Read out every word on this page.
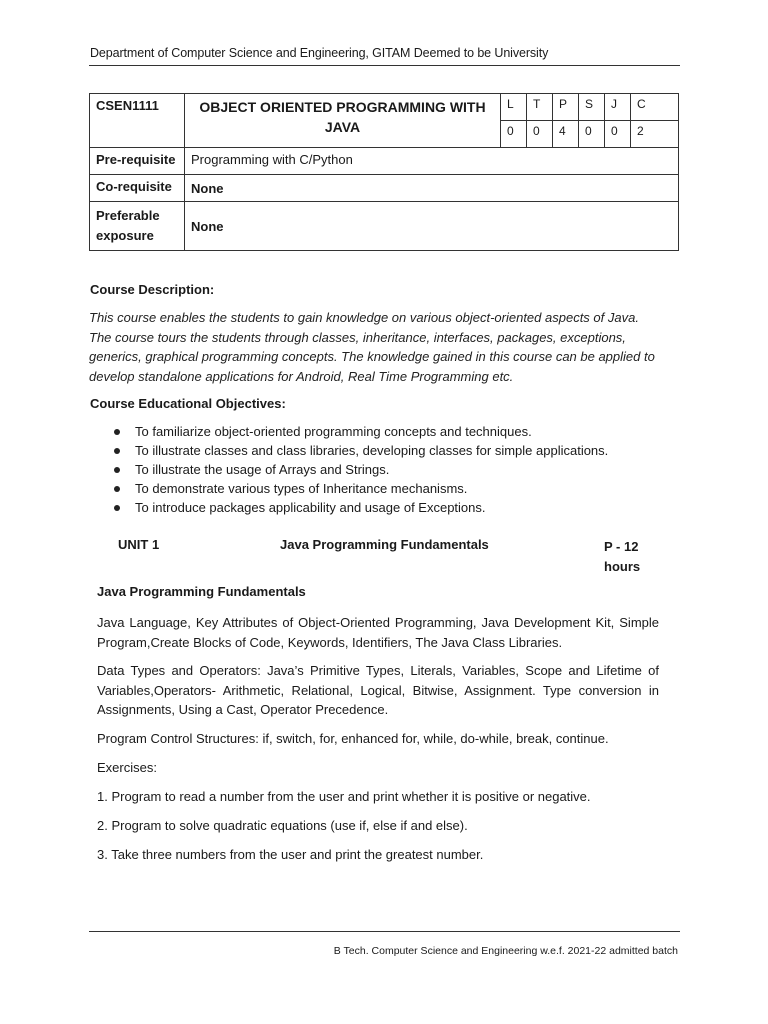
Department of Computer Science and Engineering, GITAM Deemed to be University
CSEN1111	OBJECT ORIENTED PROGRAMMING WITH JAVA	L	T	P	S	J	C
		0	0	4	0	0	2
Pre-requisite	Programming with C/Python						
Co-requisite	None						
Preferable exposure	None						
Course Description:
This course enables the students to gain knowledge on various object-oriented aspects of Java. The course tours the students through classes, inheritance, interfaces, packages, exceptions, generics, graphical programming concepts. The knowledge gained in this course can be applied to develop standalone applications for Android, Real Time Programming etc.
Course Educational Objectives:
To familiarize object-oriented programming concepts and techniques.
To illustrate classes and class libraries, developing classes for simple applications.
To illustrate the usage of Arrays and Strings.
To demonstrate various types of Inheritance mechanisms.
To introduce packages applicability and usage of Exceptions.
UNIT 1	Java Programming Fundamentals	P - 12 hours
Java Programming Fundamentals
Java Language, Key Attributes of Object-Oriented Programming, Java Development Kit, Simple Program,Create Blocks of Code, Keywords, Identifiers, The Java Class Libraries.
Data Types and Operators: Java’s Primitive Types, Literals, Variables, Scope and Lifetime of Variables,Operators- Arithmetic, Relational, Logical, Bitwise, Assignment. Type conversion in Assignments, Using a Cast, Operator Precedence.
Program Control Structures: if, switch, for, enhanced for, while, do-while, break, continue.
Exercises:
1. Program to read a number from the user and print whether it is positive or negative.
2. Program to solve quadratic equations (use if, else if and else).
3. Take three numbers from the user and print the greatest number.
B Tech. Computer Science and Engineering w.e.f. 2021-22 admitted batch
